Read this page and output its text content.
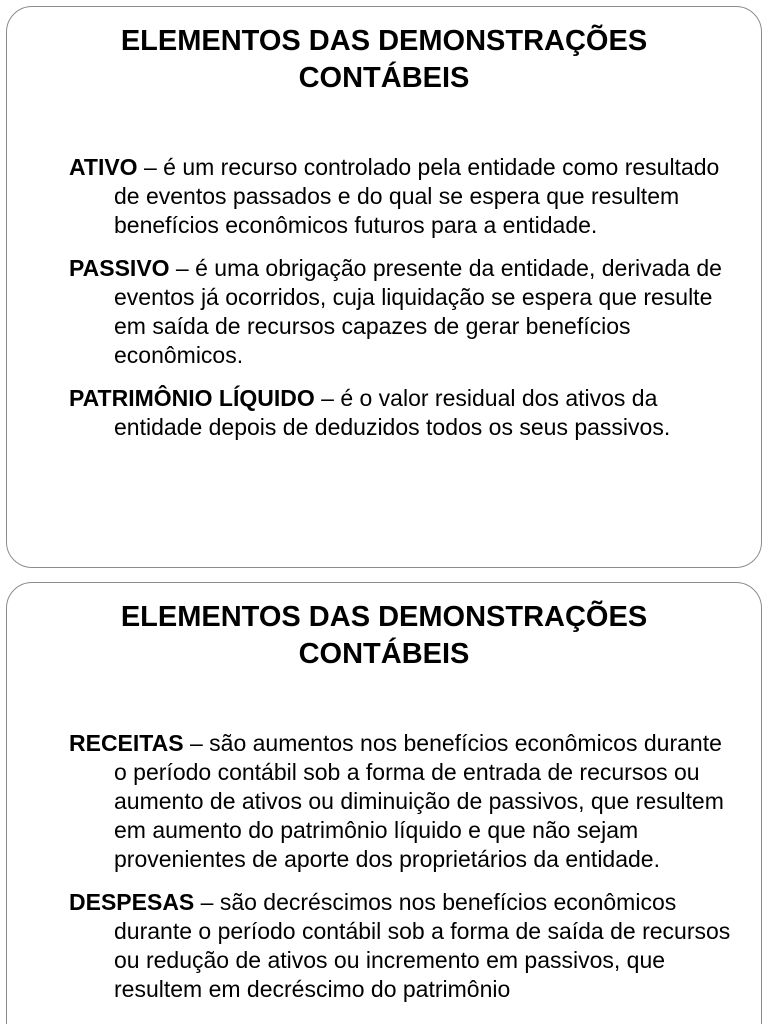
ELEMENTOS DAS DEMONSTRAÇÕES
CONTÁBEIS

ATIVO – é um recurso controlado pela entidade como resultado de eventos passados e do qual se espera que resultem benefícios econômicos futuros para a entidade.

PASSIVO – é uma obrigação presente da entidade, derivada de eventos já ocorridos, cuja liquidação se espera que resulte em saída de recursos capazes de gerar benefícios econômicos.

PATRIMÔNIO LÍQUIDO – é o valor residual dos ativos da entidade depois de deduzidos todos os seus passivos.

ELEMENTOS DAS DEMONSTRAÇÕES
CONTÁBEIS

RECEITAS – são aumentos nos benefícios econômicos durante o período contábil sob a forma de entrada de recursos ou aumento de ativos ou diminuição de passivos, que resultem em aumento do patrimônio líquido e que não sejam provenientes de aporte dos proprietários da entidade.

DESPESAS – são decréscimos nos benefícios econômicos durante o período contábil sob a forma de saída de recursos ou redução de ativos ou incremento em passivos, que resultem em decréscimo do patrimônio
